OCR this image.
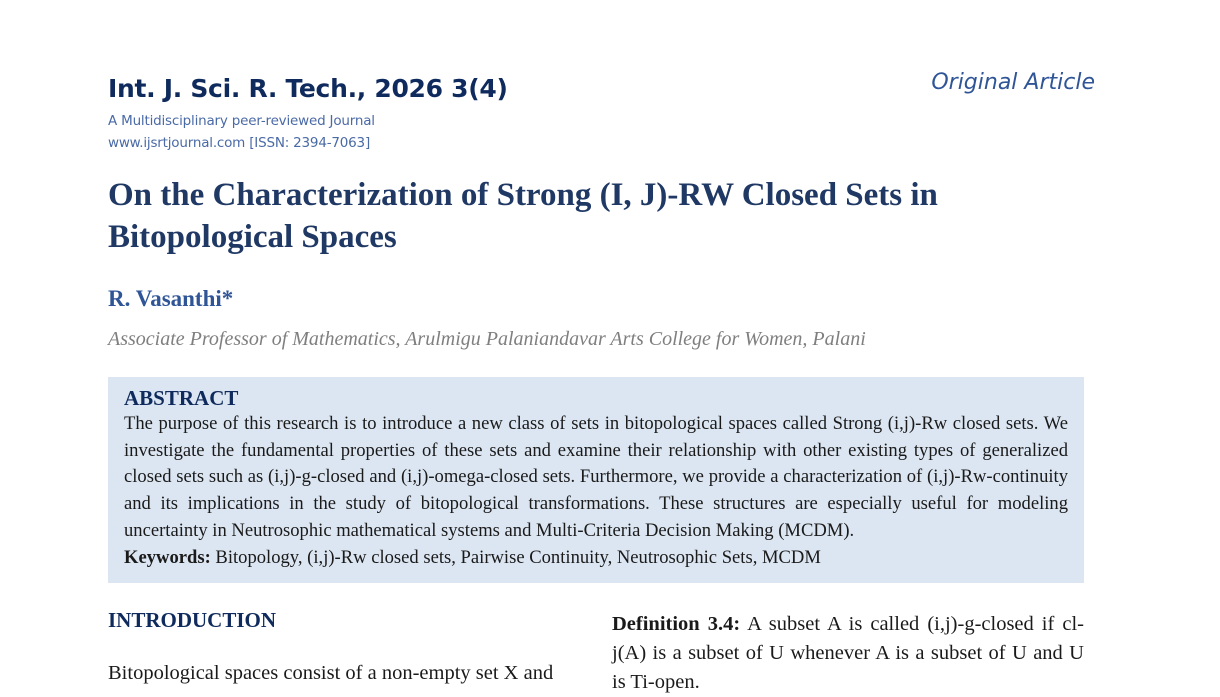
Int. J. Sci. R. Tech., 2026 3(4)
A Multidisciplinary peer-reviewed Journal
www.ijsrtjournal.com [ISSN: 2394-7063]
Original Article
On the Characterization of Strong (I, J)-RW Closed Sets in Bitopological Spaces
R. Vasanthi*
Associate Professor of Mathematics, Arulmigu Palaniandavar Arts College for Women, Palani
ABSTRACT

The purpose of this research is to introduce a new class of sets in bitopological spaces called Strong (i,j)-Rw closed sets. We investigate the fundamental properties of these sets and examine their relationship with other existing types of generalized closed sets such as (i,j)-g-closed and (i,j)-omega-closed sets. Furthermore, we provide a characterization of (i,j)-Rw-continuity and its implications in the study of bitopological transformations. These structures are especially useful for modeling uncertainty in Neutrosophic mathematical systems and Multi-Criteria Decision Making (MCDM).

Keywords: Bitopology, (i,j)-Rw closed sets, Pairwise Continuity, Neutrosophic Sets, MCDM

INTRODUCTION

Bitopological spaces consist of a non-empty set X and

Definition 3.4: A subset A is called (i,j)-g-closed if cl-j(A) is a subset of U whenever A is a subset of U and U is Ti-open.
